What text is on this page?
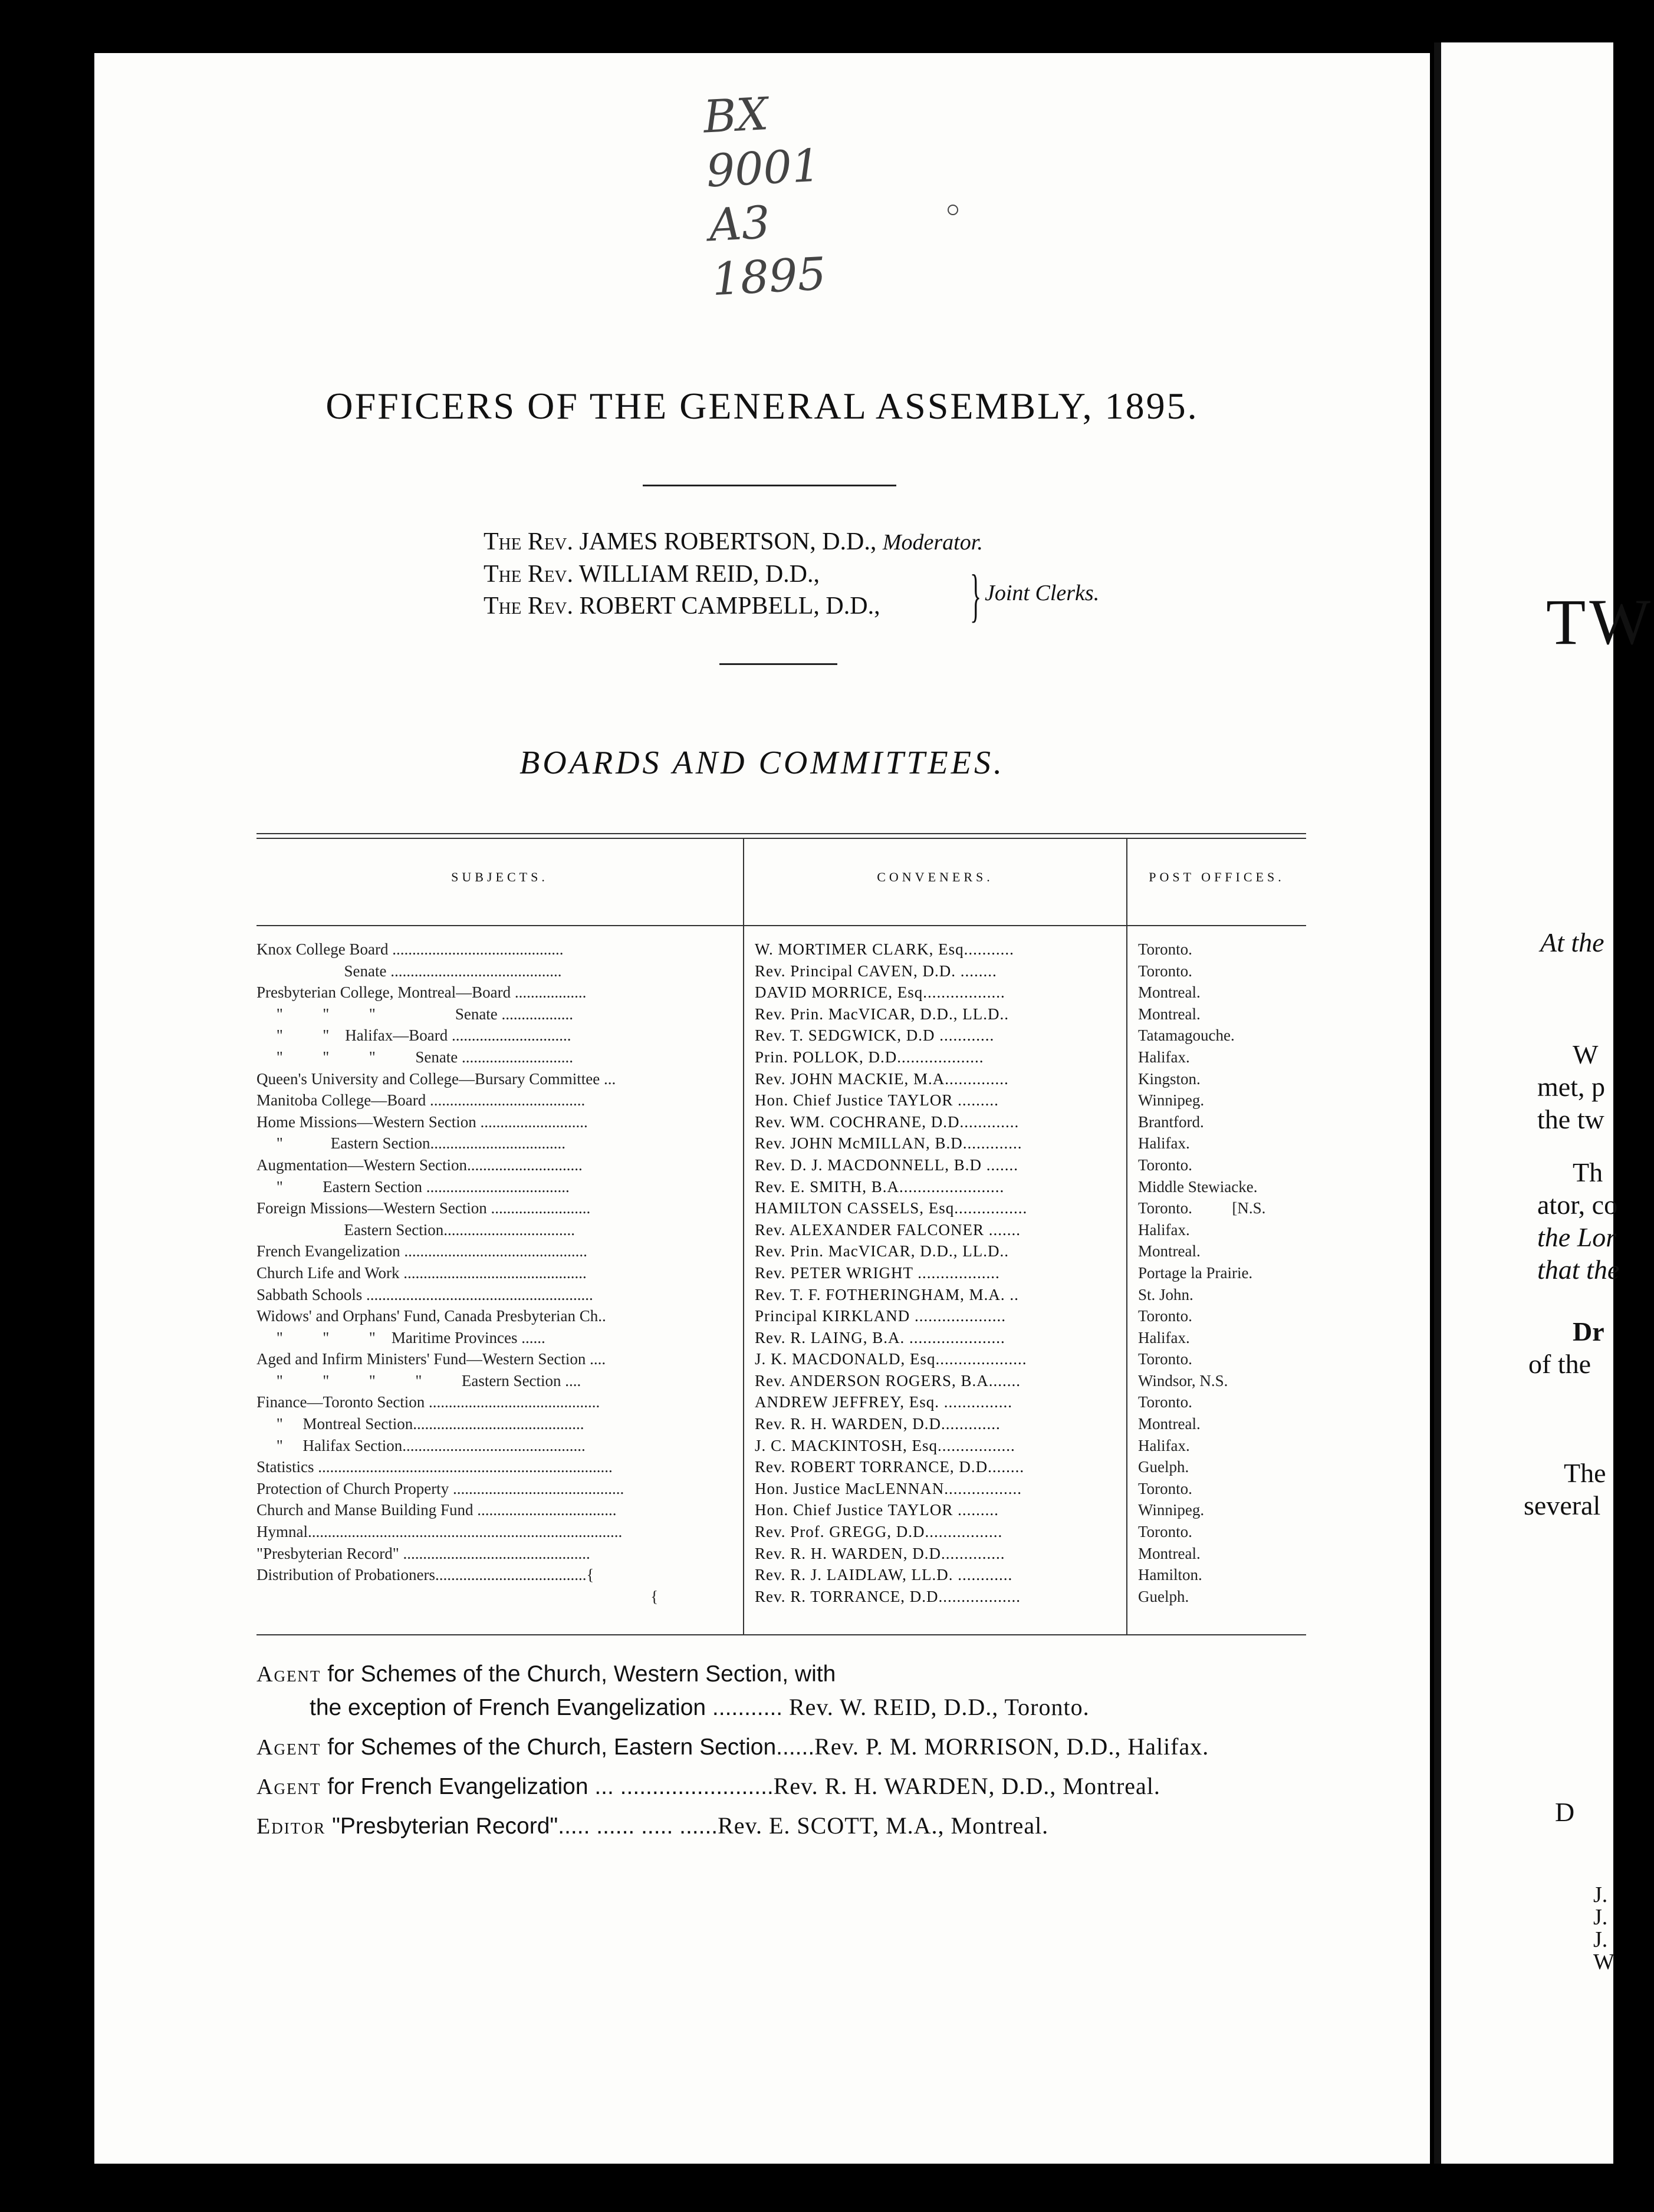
BX
9001
A3
1895
OFFICERS OF THE GENERAL ASSEMBLY, 1895.
The Rev. JAMES ROBERTSON, D.D., Moderator.
The Rev. WILLIAM REID, D.D.,
The Rev. ROBERT CAMPBELL, D.D.,	} Joint Clerks.
BOARDS AND COMMITTEES.
SUBJECTS.	CONVENERS.	POST OFFICES.
Knox College Board ...........................................	W. MORTIMER CLARK, Esq...........	Toronto.
Senate ...........................................	Rev. Principal CAVEN, D.D. ........	Toronto.
Presbyterian College, Montreal—Board ..................	DAVID MORRICE, Esq..................	Montreal.
"          "          "                    Senate ..................	Rev. Prin. MacVICAR, D.D., LL.D..	Montreal.
"          "    Halifax—Board ..............................	Rev. T. SEDGWICK, D.D ............	Tatamagouche.
"          "          "          Senate ............................	Prin. POLLOK, D.D...................	Halifax.
Queen's University and College—Bursary Committee ...	Rev. JOHN MACKIE, M.A..............	Kingston.
Manitoba College—Board .......................................	Hon. Chief Justice TAYLOR .........	Winnipeg.
Home Missions—Western Section ...........................	Rev. WM. COCHRANE, D.D.............	Brantford.
"            Eastern Section..................................	Rev. JOHN McMILLAN, B.D.............	Halifax.
Augmentation—Western Section.............................	Rev. D. J. MACDONNELL, B.D .......	Toronto.
"          Eastern Section ....................................	Rev. E. SMITH, B.A.......................	Middle Stewiacke.
Foreign Missions—Western Section .........................	HAMILTON CASSELS, Esq................	Toronto.          [N.S.
Eastern Section.................................	Rev. ALEXANDER FALCONER .......	Halifax.
French Evangelization ..............................................	Rev. Prin. MacVICAR, D.D., LL.D..	Montreal.
Church Life and Work ..............................................	Rev. PETER WRIGHT ..................	Portage la Prairie.
Sabbath Schools .........................................................	Rev. T. F. FOTHERINGHAM, M.A. ..	St. John.
Widows' and Orphans' Fund, Canada Presbyterian Ch..	Principal KIRKLAND ....................	Toronto.
"          "          "    Maritime Provinces ......	Rev. R. LAING, B.A. .....................	Halifax.
Aged and Infirm Ministers' Fund—Western Section ....	J. K. MACDONALD, Esq....................	Toronto.
"          "          "          "          Eastern Section ....	Rev. ANDERSON ROGERS, B.A.......	Windsor, N.S.
Finance—Toronto Section ...........................................	ANDREW JEFFREY, Esq. ...............	Toronto.
"     Montreal Section...........................................	Rev. R. H. WARDEN, D.D.............	Montreal.
"     Halifax Section..............................................	J. C. MACKINTOSH, Esq.................	Halifax.
Statistics ..........................................................................	Rev. ROBERT TORRANCE, D.D........	Guelph.
Protection of Church Property ...........................................	Hon. Justice MacLENNAN.................	Toronto.
Church and Manse Building Fund ...................................	Hon. Chief Justice TAYLOR .........	Winnipeg.
Hymnal...............................................................................	Rev. Prof. GREGG, D.D.................	Toronto.
"Presbyterian Record" ...............................................	Rev. R. H. WARDEN, D.D..............	Montreal.
Distribution of Probationers......................................{	Rev. R. J. LAIDLAW, LL.D. ............	Hamilton.
{	Rev. R. TORRANCE, D.D..................	Guelph.
Agent for Schemes of the Church, Western Section, with
the exception of French Evangelization ........... Rev. W. REID, D.D., Toronto.
Agent for Schemes of the Church, Eastern Section......Rev. P. M. MORRISON, D.D., Halifax.
Agent for French Evangelization ... ........................Rev. R. H. WARDEN, D.D., Montreal.
Editor "Presbyterian Record"..... ...... ..... ......Rev. E. SCOTT, M.A., Montreal.
TW
At the
W
met, p
the tw
Th
ator, co
the Lor
that the
Dr
of the
The
several
D
J.
J.
J.
W
